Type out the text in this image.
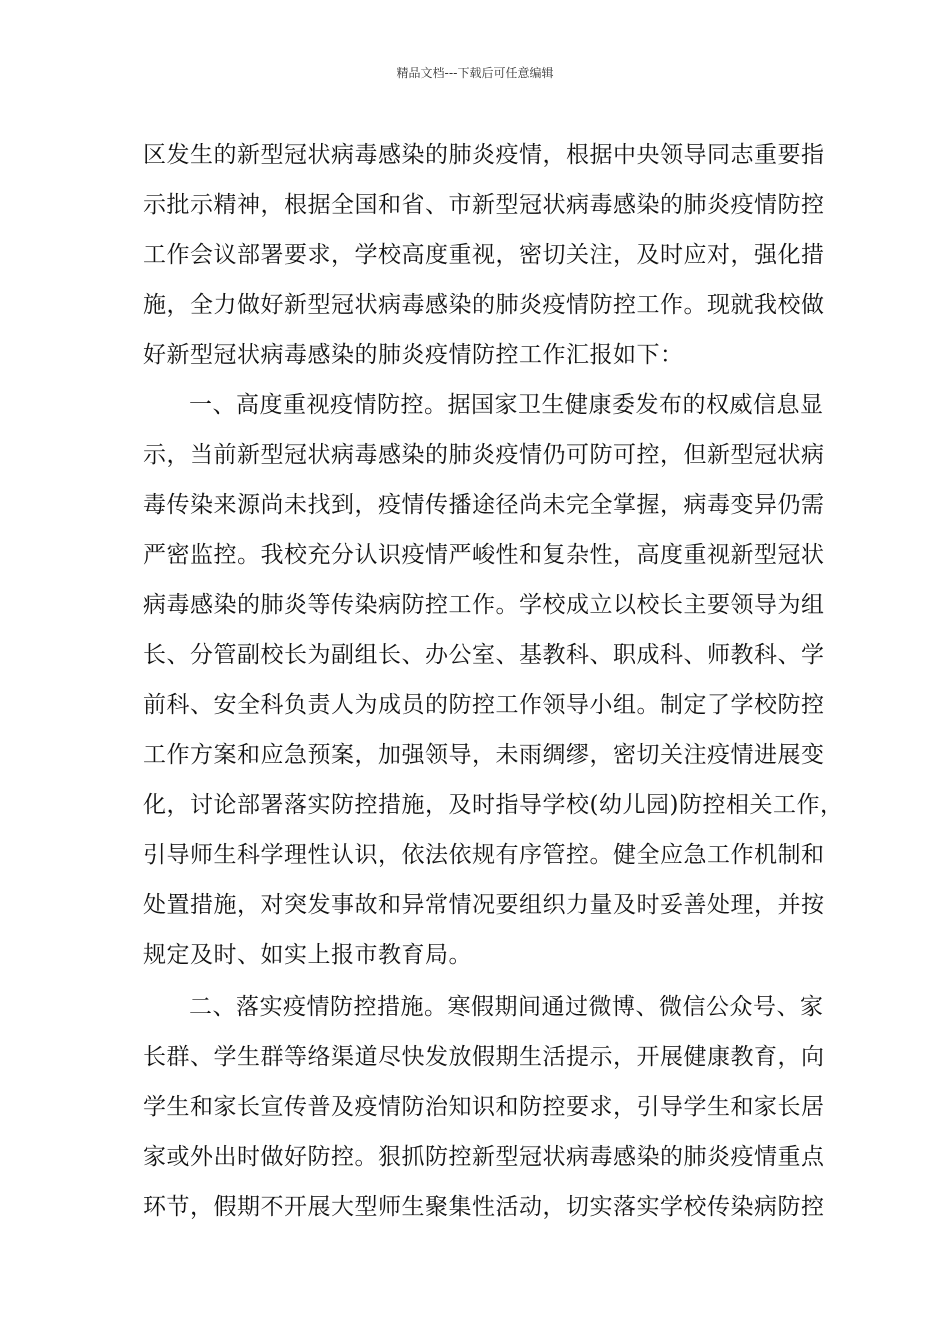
精品文档---下载后可任意编辑
区发生的新型冠状病毒感染的肺炎疫情，根据中央领导同志重要指
示批示精神，根据全国和省、市新型冠状病毒感染的肺炎疫情防控
工作会议部署要求，学校高度重视，密切关注，及时应对，强化措
施，全力做好新型冠状病毒感染的肺炎疫情防控工作。现就我校做
好新型冠状病毒感染的肺炎疫情防控工作汇报如下：
一、高度重视疫情防控。据国家卫生健康委发布的权威信息显
示，当前新型冠状病毒感染的肺炎疫情仍可防可控，但新型冠状病
毒传染来源尚未找到，疫情传播途径尚未完全掌握，病毒变异仍需
严密监控。我校充分认识疫情严峻性和复杂性，高度重视新型冠状
病毒感染的肺炎等传染病防控工作。学校成立以校长主要领导为组
长、分管副校长为副组长、办公室、基教科、职成科、师教科、学
前科、安全科负责人为成员的防控工作领导小组。制定了学校防控
工作方案和应急预案，加强领导，未雨绸缪，密切关注疫情进展变
化，讨论部署落实防控措施，及时指导学校(幼儿园)防控相关工作，
引导师生科学理性认识，依法依规有序管控。健全应急工作机制和
处置措施，对突发事故和异常情况要组织力量及时妥善处理，并按
规定及时、如实上报市教育局。
二、落实疫情防控措施。寒假期间通过微博、微信公众号、家
长群、学生群等络渠道尽快发放假期生活提示，开展健康教育，向
学生和家长宣传普及疫情防治知识和防控要求，引导学生和家长居
家或外出时做好防控。狠抓防控新型冠状病毒感染的肺炎疫情重点
环节，假期不开展大型师生聚集性活动，切实落实学校传染病防控
